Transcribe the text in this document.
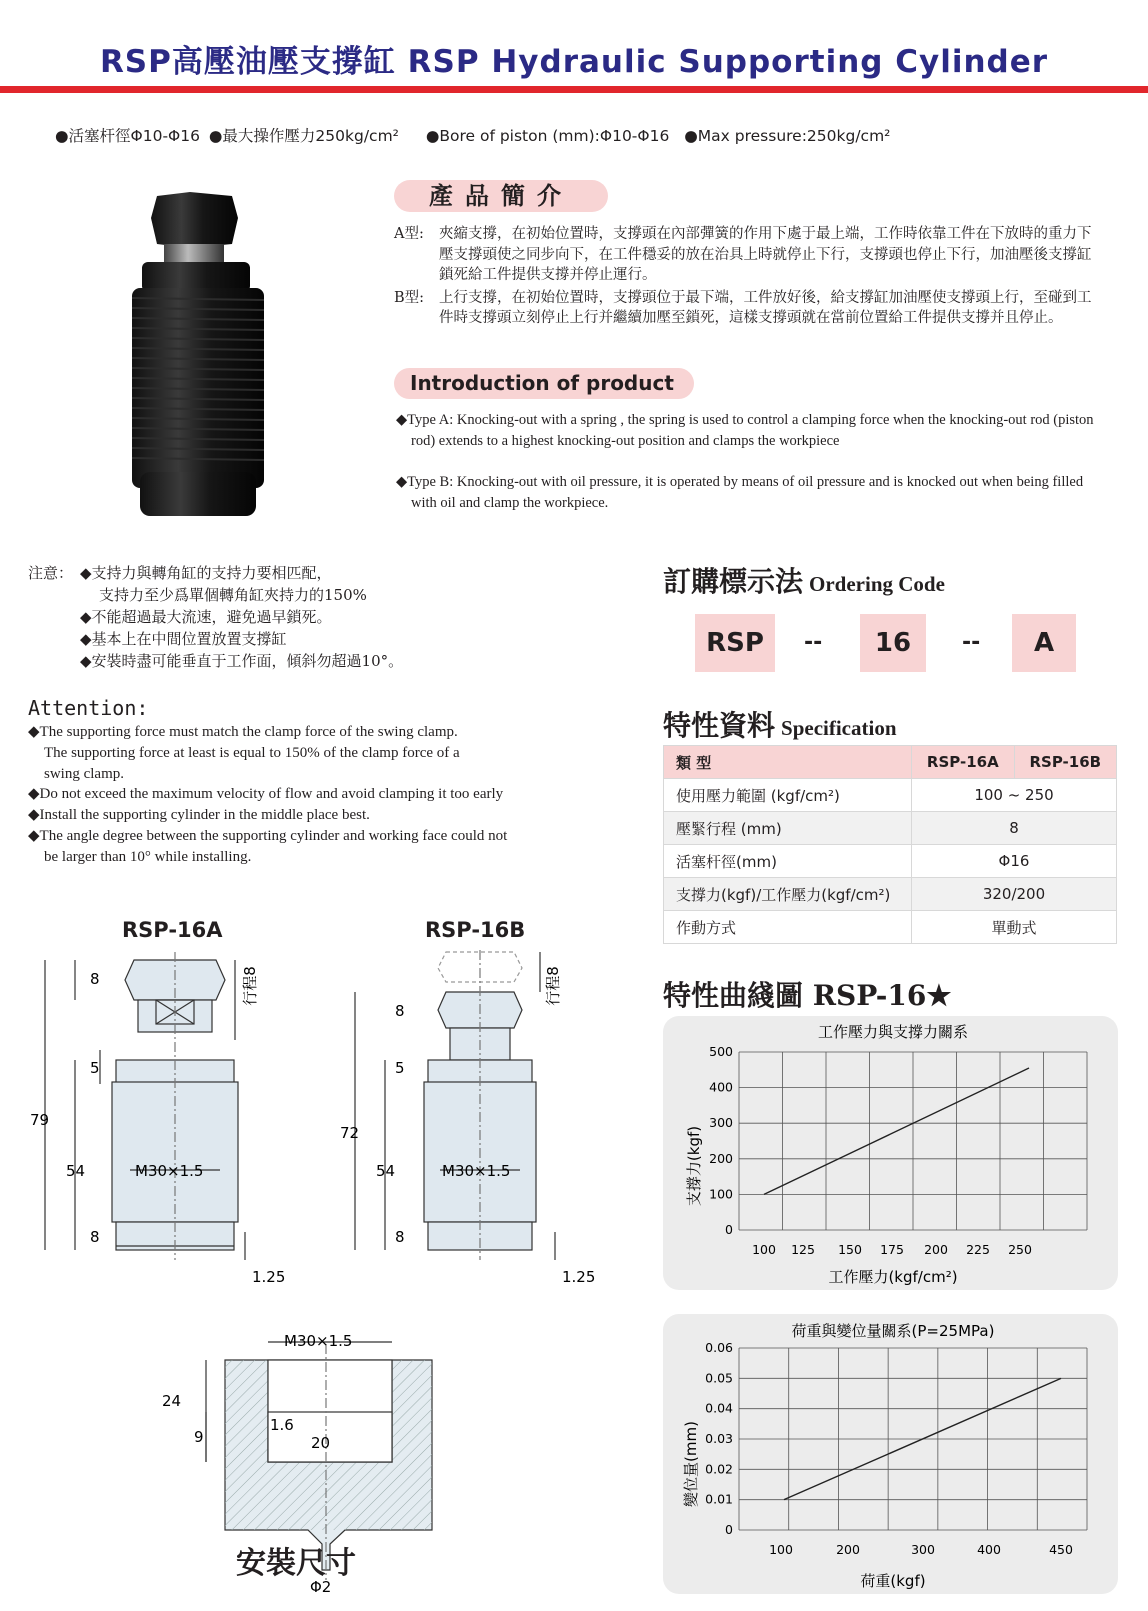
RSP高壓油壓支撐缸 RSP Hydraulic Supporting Cylinder
●活塞杆徑Φ10-Φ16 ●最大操作壓力250kg/cm² ●Bore of piston (mm):Φ10-Φ16 ●Max pressure:250kg/cm²
產品簡介
A型:	夾縮支撐，在初始位置時，支撐頭在內部彈簧的作用下處于最上端，工作時依靠工件在下放時的重力下壓支撐頭使之同步向下，在工件穩妥的放在治具上時就停止下行，支撐頭也停止下行，加油壓後支撐缸鎖死給工件提供支撐并停止運行。
B型:	上行支撐，在初始位置時，支撐頭位于最下端，工件放好後，給支撐缸加油壓使支撐頭上行，至碰到工件時支撐頭立刻停止上行并繼續加壓至鎖死，這樣支撐頭就在當前位置給工件提供支撐并且停止。
Introduction of product
◆Type A: Knocking-out with a spring , the spring is used to control a clamping force when the knocking-out rod (piston rod) extends to a highest knocking-out position and clamps the workpiece
◆Type B: Knocking-out with oil pressure, it is operated by means of oil pressure and is knocked out when being filled with oil and clamp the workpiece.
注意： ◆支持力與轉角缸的支持力要相匹配，
支持力至少爲單個轉角缸夾持力的150%
◆不能超過最大流速，避免過早鎖死。
◆基本上在中間位置放置支撐缸
◆安裝時盡可能垂直于工作面，傾斜勿超過10°。
Attention:
◆The supporting force must match the clamp force of the swing clamp.
The supporting force at least is equal to 150% of the clamp force of a
swing clamp.
◆Do not exceed the maximum velocity of flow and avoid clamping it too early
◆Install the supporting cylinder in the middle place best.
◆The angle degree between the supporting cylinder and working face could not
be larger than 10° while installing.
訂購標示法 Ordering Code
RSP	--	16	--	A
特性資料 Specification
類 型	RSP-16A	RSP-16B
使用壓力範圍 (kgf/cm²)	100 ~ 250	
壓緊行程 (mm)	8	
活塞杆徑(mm)	Φ16	
支撐力(kgf)/工作壓力(kgf/cm²)	320/200	
作動方式	單動式	
特性曲綫圖 RSP-16★
工作壓力與支撐力關系
0
100
200
300
400
500
100 125 150 175 200 225 250
工作壓力(kgf/cm²)
支撐力(kgf)
荷重與變位量關系(P=25MPa)
0
0.01
0.02
0.03
0.04
0.05
0.06
100	200	300	400	450
荷重(kgf)
變位量(mm)
RSP-16A	RSP-16B
8	行程8
5
79
54	M30×1.5
8
1.25
8
行程8
5
72
54	M30×1.5
8
1.25
M30×1.5
24
9
1.6
20
Φ2
安裝尺寸
